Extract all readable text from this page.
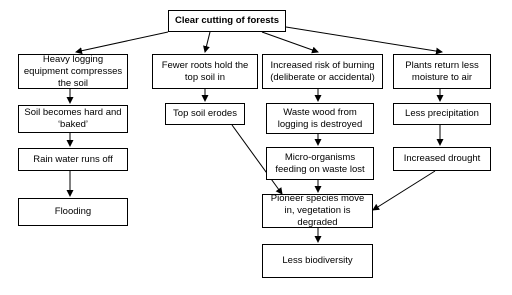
Clear cutting of forests
Heavy logging equipment compresses the soil
Soil becomes hard and ‘baked’
Rain water runs off
Flooding
Fewer roots hold the top soil in
Top soil erodes
Increased risk of burning (deliberate or accidental)
Waste wood from logging is destroyed
Micro-organisms feeding on waste lost
Plants return less moisture to air
Less precipitation
Increased drought
Pioneer species move in, vegetation is degraded
Less biodiversity
